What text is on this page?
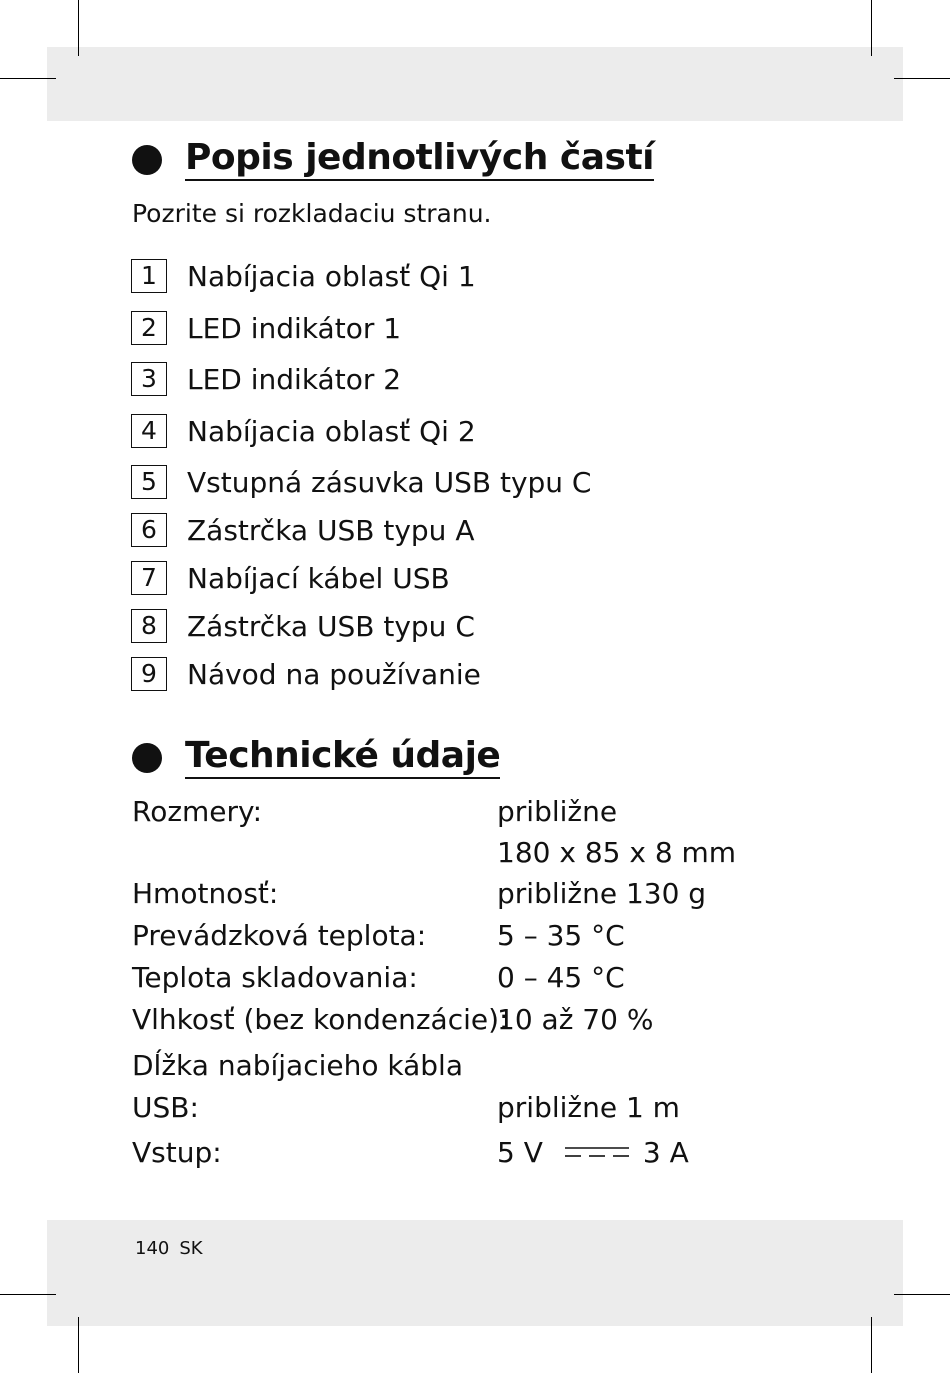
Popis jednotlivých častí
Pozrite si rozkladaciu stranu.
1	Nabíjacia oblasť Qi 1
2	LED indikátor 1
3	LED indikátor 2
4	Nabíjacia oblasť Qi 2
5	Vstupná zásuvka USB typu C
6	Zástrčka USB typu A
7	Nabíjací kábel USB
8	Zástrčka USB typu C
9	Návod na používanie
Technické údaje
Rozmery:	približne
180 x 85 x 8 mm
Hmotnosť:	približne 130 g
Prevádzková teplota:	5 – 35 °C
Teplota skladovania:	0 – 45 °C
Vlhkosť (bez kondenzácie):
10 až 70 %
Dĺžka nabíjacieho kábla
USB:	približne 1 m
Vstup:	5 V	3 A
140 SK
